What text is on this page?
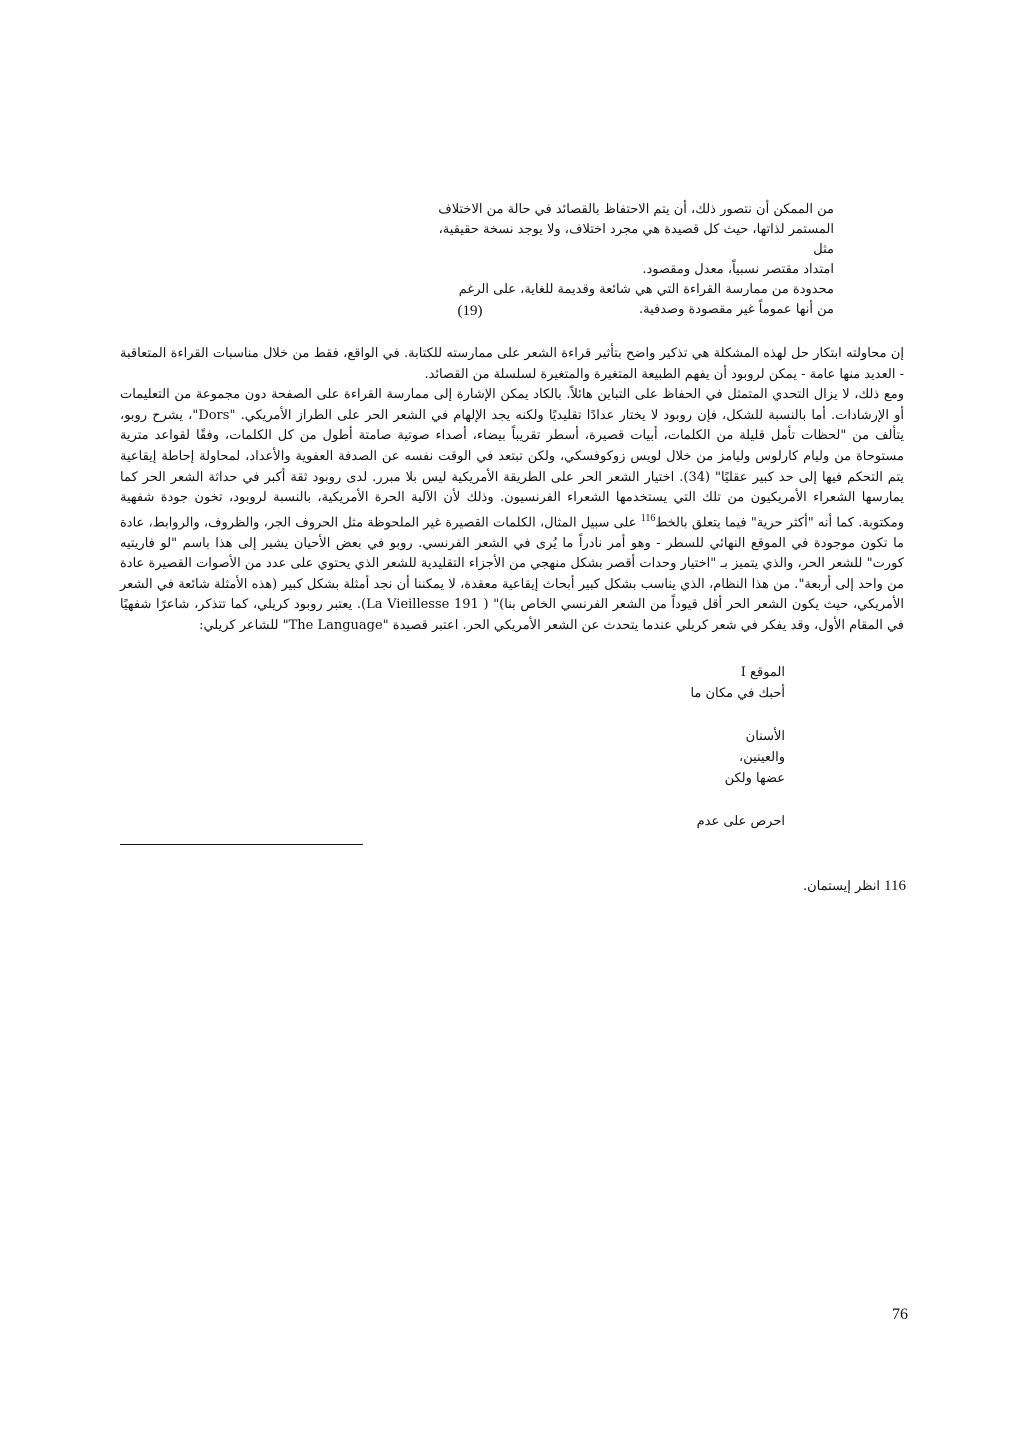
من الممكن أن نتصور ذلك، أن يتم الاحتفاظ بالقصائد في حالة من الاختلاف

المستمر لذاتها، حيث كل قصيدة هي مجرد اختلاف، ولا يوجد نسخة حقيقية، مثل

امتداد مقتصر نسبياً، معدل ومقصود.

محدودة من ممارسة القراءة التي هي شائعة وقديمة للغاية، على الرغم

من أنها عموماً غير مقصودة وصدفية.

(19)

إن محاولته ابتكار حل لهذه المشكلة هي تذكير واضح بتأثير قراءة الشعر على ممارسته للكتابة. في الواقع، فقط من خلال مناسبات القراءة المتعاقبة - العديد منها عامة - يمكن لروبود أن يفهم الطبيعة المتغيرة والمتغيرة لسلسلة من القصائد.

ومع ذلك، لا يزال التحدي المتمثل في الحفاظ على التباين هائلاً. بالكاد يمكن الإشارة إلى ممارسة القراءة على الصفحة دون مجموعة من التعليمات أو الإرشادات. أما بالنسبة للشكل، فإن روبود لا يختار عدادًا تقليديًا ولكنه يجد الإلهام في الشعر الحر على الطراز الأمريكي. "Dors"، يشرح روبو، يتألف من "لحظات تأمل قليلة من الكلمات، أبيات قصيرة، أسطر تقريباً بيضاء، أصداء صوتية صامتة أطول من كل الكلمات، وفقًا لقواعد مترية مستوحاة من وليام كارلوس وليامز من خلال لويس زوكوفسكي، ولكن تبتعد في الوقت نفسه عن الصدفة العفوية والأعداد، لمحاولة إحاطة إيقاعية يتم التحكم فيها إلى حد كبير عقليًا" (34). اختيار الشعر الحر على الطريقة الأمريكية ليس بلا مبرر. لدى روبود ثقة أكبر في حداثة الشعر الحر كما يمارسها الشعراء الأمريكيون من تلك التي يستخدمها الشعراء الفرنسيون. وذلك لأن الآلية الحرة الأمريكية، بالنسبة لروبود، تخون جودة شفهية ومكتوبة. كما أنه "أكثر حرية" فيما يتعلق بالخط$^{116}$ على سبيل المثال، الكلمات القصيرة غير الملحوظة مثل الحروف الجر، والظروف، والروابط، عادة ما تكون موجودة في الموقع النهائي للسطر - وهو أمر نادراً ما يُرى في الشعر الفرنسي. روبو في بعض الأحيان يشير إلى هذا باسم "لو فاريتيه كورت" للشعر الحر، والذي يتميز بـ "اختيار وحدات أقصر بشكل منهجي من الأجزاء التقليدية للشعر الذي يحتوي على عدد من الأصوات القصيرة عادة من واحد إلى أربعة". من هذا النظام، الذي يناسب بشكل كبير أبحاث إيقاعية معقدة، لا يمكننا أن نجد أمثلة بشكل كبير (هذه الأمثلة شائعة في الشعر الأمريكي، حيث يكون الشعر الحر أقل قيوداً من الشعر الفرنسي الخاص بنا)" ( La Vieillesse 191). يعتبر روبود كريلي، كما تتذكر، شاعرًا شفهيًا في المقام الأول، وقد يفكر في شعر كريلي عندما يتحدث عن الشعر الأمريكي الحر. اعتبر قصيدة "The Language" للشاعر كريلي:

الموقع I
أحبك في مكان ما
الأسنان
والعينين،
عضها ولكن
احرص على عدم
116انظر إيستمان.
76
